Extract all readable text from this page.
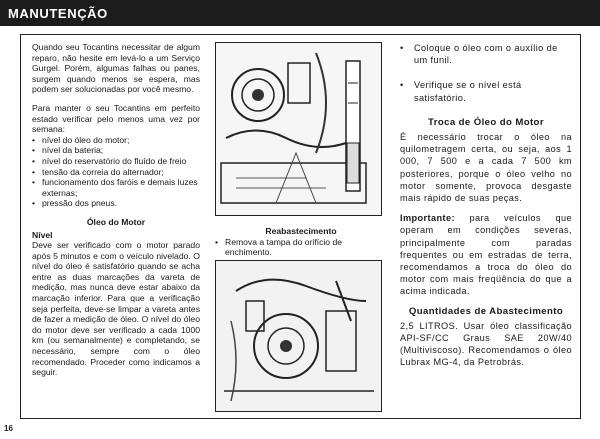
MANUTENÇÃO

Quando seu Tocantins necessitar de algum reparo, não hesite em levá-lo a um Serviço Gurgel. Porém, algumas falhas ou panes, surgem quando menos se espera, mas podem ser solucionadas por você mesmo.

Para manter o seu Tocantins em perfeito estado verificar pelo menos uma vez por semana:

• nível do óleo do motor;
• nível da bateria;
• nível do reservatório do fluído de freio
• tensão da correia do alternador;
• funcionamento dos faróis e demais luzes externas;
• pressão dos pneus.
Óleo do Motor
Nível

Deve ser verificado com o motor parado após 5 minutos e com o veículo nivelado. O nível do óleo é satisfatório quando se acha entre as duas marcações da vareta de medição, mas nunca deve estar abaixo da marcação inferior. Para que a verificação seja perfeita, deve-se limpar a vareta antes de fazer a medição de óleo. O nível do óleo do motor deve ser verificado a cada 1000 km (ou semanalmente) e completando, se necessário, sempre com o óleo recomendado. Proceder como indicamos a seguir.

Reabastecimento
• Remova a tampa do orifício de enchimento.
• Coloque o óleo com o auxílio de um funil.
• Verifique se o nível está satisfatório.
Troca de Óleo do Motor

É necessário trocar o óleo na quilometragem certa, ou seja, aos 1 000, 7 500 e a cada 7 500 km posteriores, porque o óleo velho no motor somente, provoca desgaste mais rápido de suas peças.

Importante: para veículos que operam em condições severas, principalmente com paradas frequentes ou em estradas de terra, recomendamos a troca do óleo do motor com mais freqüência do que a acima indicada.

Quantidades de Abastecimento

2,5 LITROS. Usar óleo classificação API-SF/CC Graus SAE 20W/40 (Multiviscoso). Recomendamos o óleo Lubrax MG-4, da Petrobrás.

16
